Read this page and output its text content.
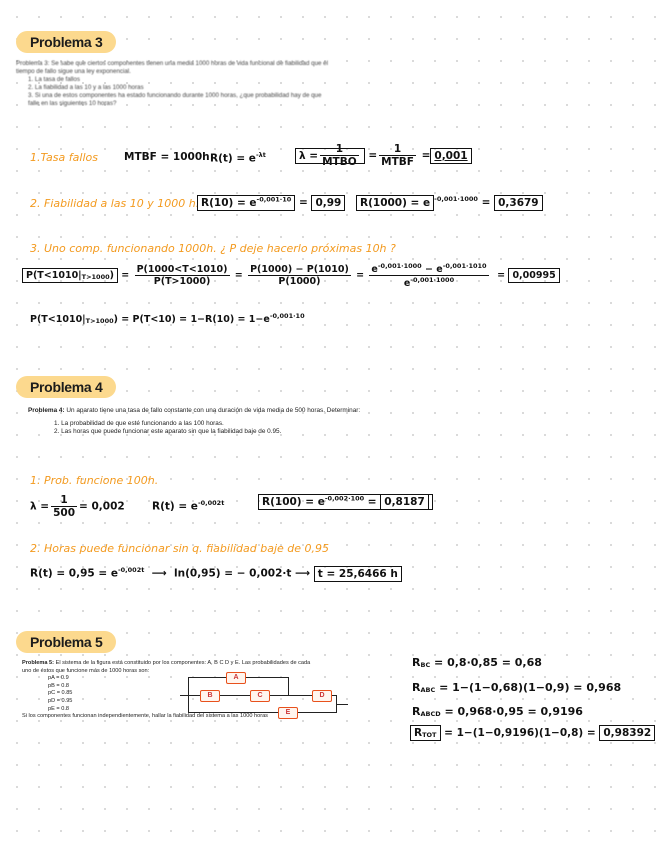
Problema 3
Problema 3: Se sabe que ciertos componentes tienen una media 1000 horas de vida funcional de fiabilidad que el
tiempo de fallo sigue una ley exponencial.
1. La tasa de fallos
2. La fiabilidad a las 10 y a las 1000 horas
3. Si una de estos componentes ha estado funcionando durante 1000 horas, ¿que probabilidad hay de que
falle en las siguientes 10 horas?
1.Tasa fallos MTBF = 1000h $R(t) = e^{-\lambda t}$	$\lambda = \frac{1}{\text{MTBO}} = \frac{1}{\text{MTBF}} = 0,001$
2. Fiabilidad a las 10 y 1000 h. $R(10) = e^{-0,001\cdot 10} = 0,99$	R(1000) = e $^{-0,001\cdot 1000}$ = 0,3679
3. Uno comp. funcionando 1000h. ¿ P deje hacerlo próximas 10h ?
$P(T<1010|T>1000) = \frac{P(1000<T<1010)}{P(T>1000)} = \frac{P(1000) - P(1010)}{P(1000)} = \frac{e^{-0,001\cdot 1000} - e^{-0,001\cdot 1010}}{e^{-0,001\cdot 1000}} = 0,00995$
$P(T<1010|T>1000) = P(T<10) = 1-R(10) = 1-e^{-0,001\cdot 10}$
Problema 4
Problema 4: Un aparato tiene una tasa de fallo constante con una duración de vida media de 500 horas. Determinar:
1. La probabilidad de que esté funcionando a las 100 horas.
2. Las horas que puede funcionar este aparato sin que la fiabilidad baje de 0.95.
1. Prob. funcione 100h.
$\lambda = \frac{1}{500} = 0,002$	$R(t) = e^{-0,002t}$	$R(100) = e^{-0,002\cdot 100} = 0,8187$
2. Horas puede funcionar sin q. fiabilidad baje de 0,95
$R(t) = 0,95 = e^{-0,002t}$ ⟶ ln(0,95) = − 0,002·t ⟶ t = 25,6466 h
Problema 5
Problema 5: El sistema de la figura está constituido por los componentes: A, B C D y E. Las probabilidades de cada
uno de éstos que funcione más de 1000 horas son:
pA = 0.9
pB = 0.8
pC = 0.85
pD = 0.95
pE = 0.8
Si los componentes funcionan independientemente, hallar la fiabilidad del sistema a las 1000 horas
A
B	C	D
E
RBC = 0,8·0,85 = 0,68
RABC = 1−(1−0,68)(1−0,9) = 0,968
RABCD = 0,968·0,95 = 0,9196
RTOT = 1−(1−0,9196)(1−0,8) = 0,98392
